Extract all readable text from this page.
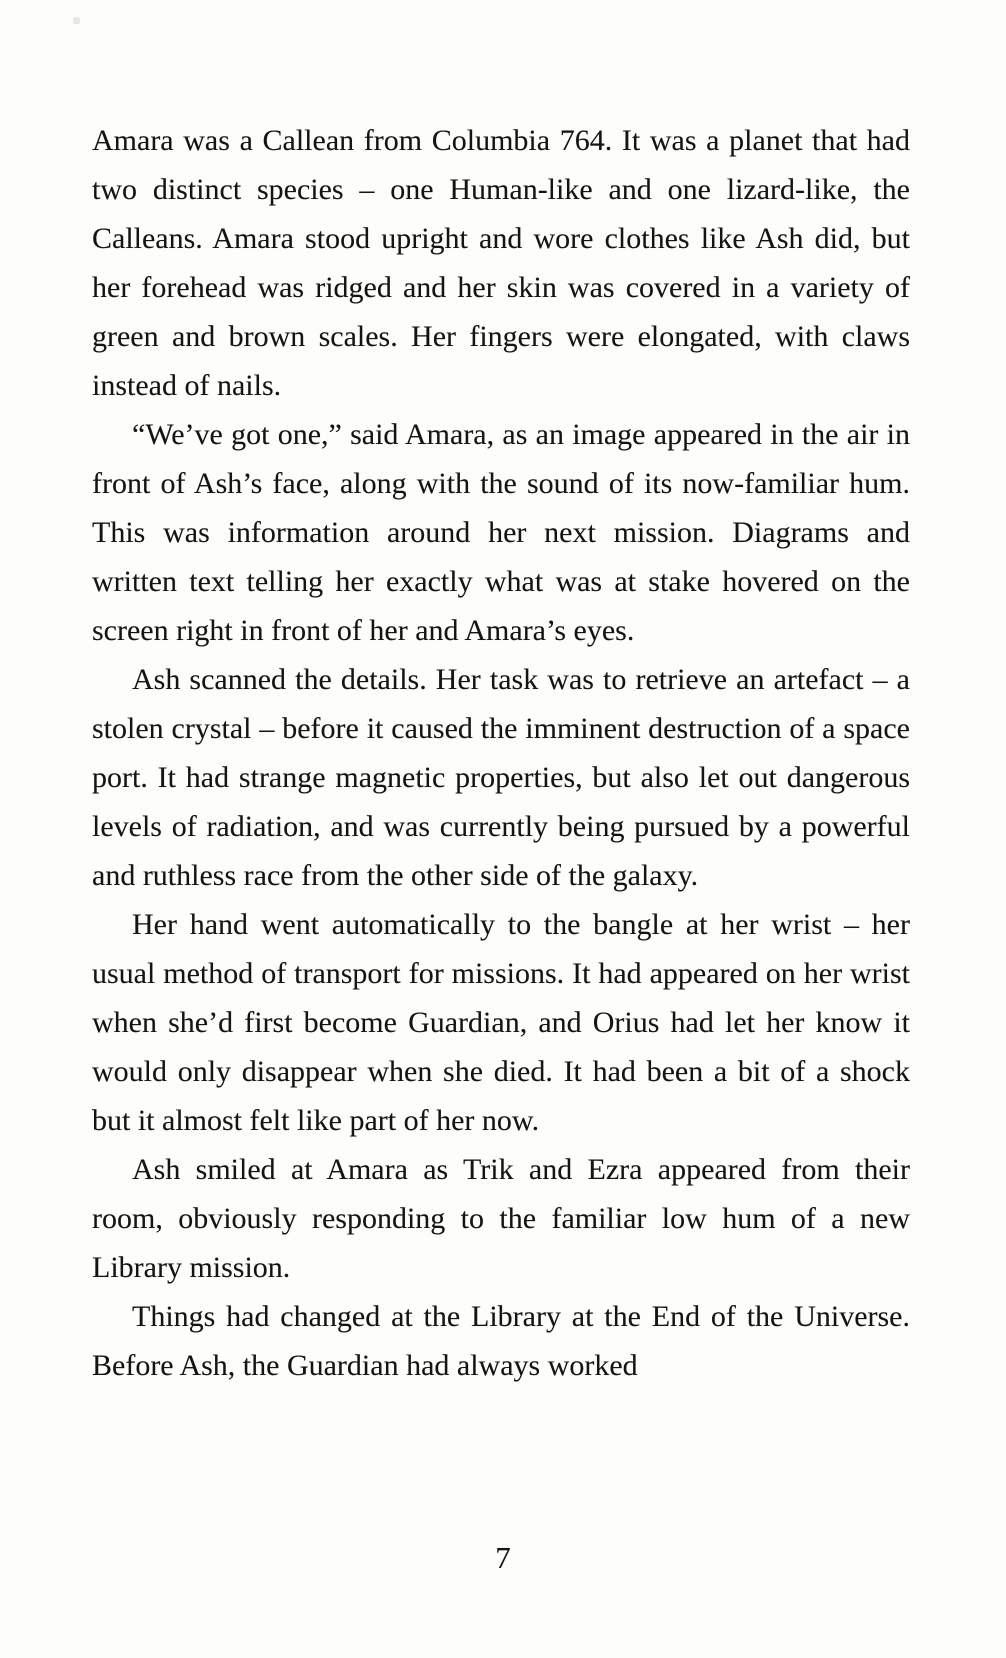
Amara was a Callean from Columbia 764. It was a planet that had two distinct species – one Human-like and one lizard-like, the Calleans. Amara stood upright and wore clothes like Ash did, but her forehead was ridged and her skin was covered in a variety of green and brown scales. Her fingers were elongated, with claws instead of nails.

“We’ve got one,” said Amara, as an image appeared in the air in front of Ash’s face, along with the sound of its now-familiar hum. This was information around her next mission. Diagrams and written text telling her exactly what was at stake hovered on the screen right in front of her and Amara’s eyes.

Ash scanned the details. Her task was to retrieve an artefact – a stolen crystal – before it caused the imminent destruction of a space port. It had strange magnetic properties, but also let out dangerous levels of radiation, and was currently being pursued by a powerful and ruthless race from the other side of the galaxy.

Her hand went automatically to the bangle at her wrist – her usual method of transport for missions. It had appeared on her wrist when she’d first become Guardian, and Orius had let her know it would only disappear when she died. It had been a bit of a shock but it almost felt like part of her now.

Ash smiled at Amara as Trik and Ezra appeared from their room, obviously responding to the familiar low hum of a new Library mission.

Things had changed at the Library at the End of the Universe. Before Ash, the Guardian had always worked

7
